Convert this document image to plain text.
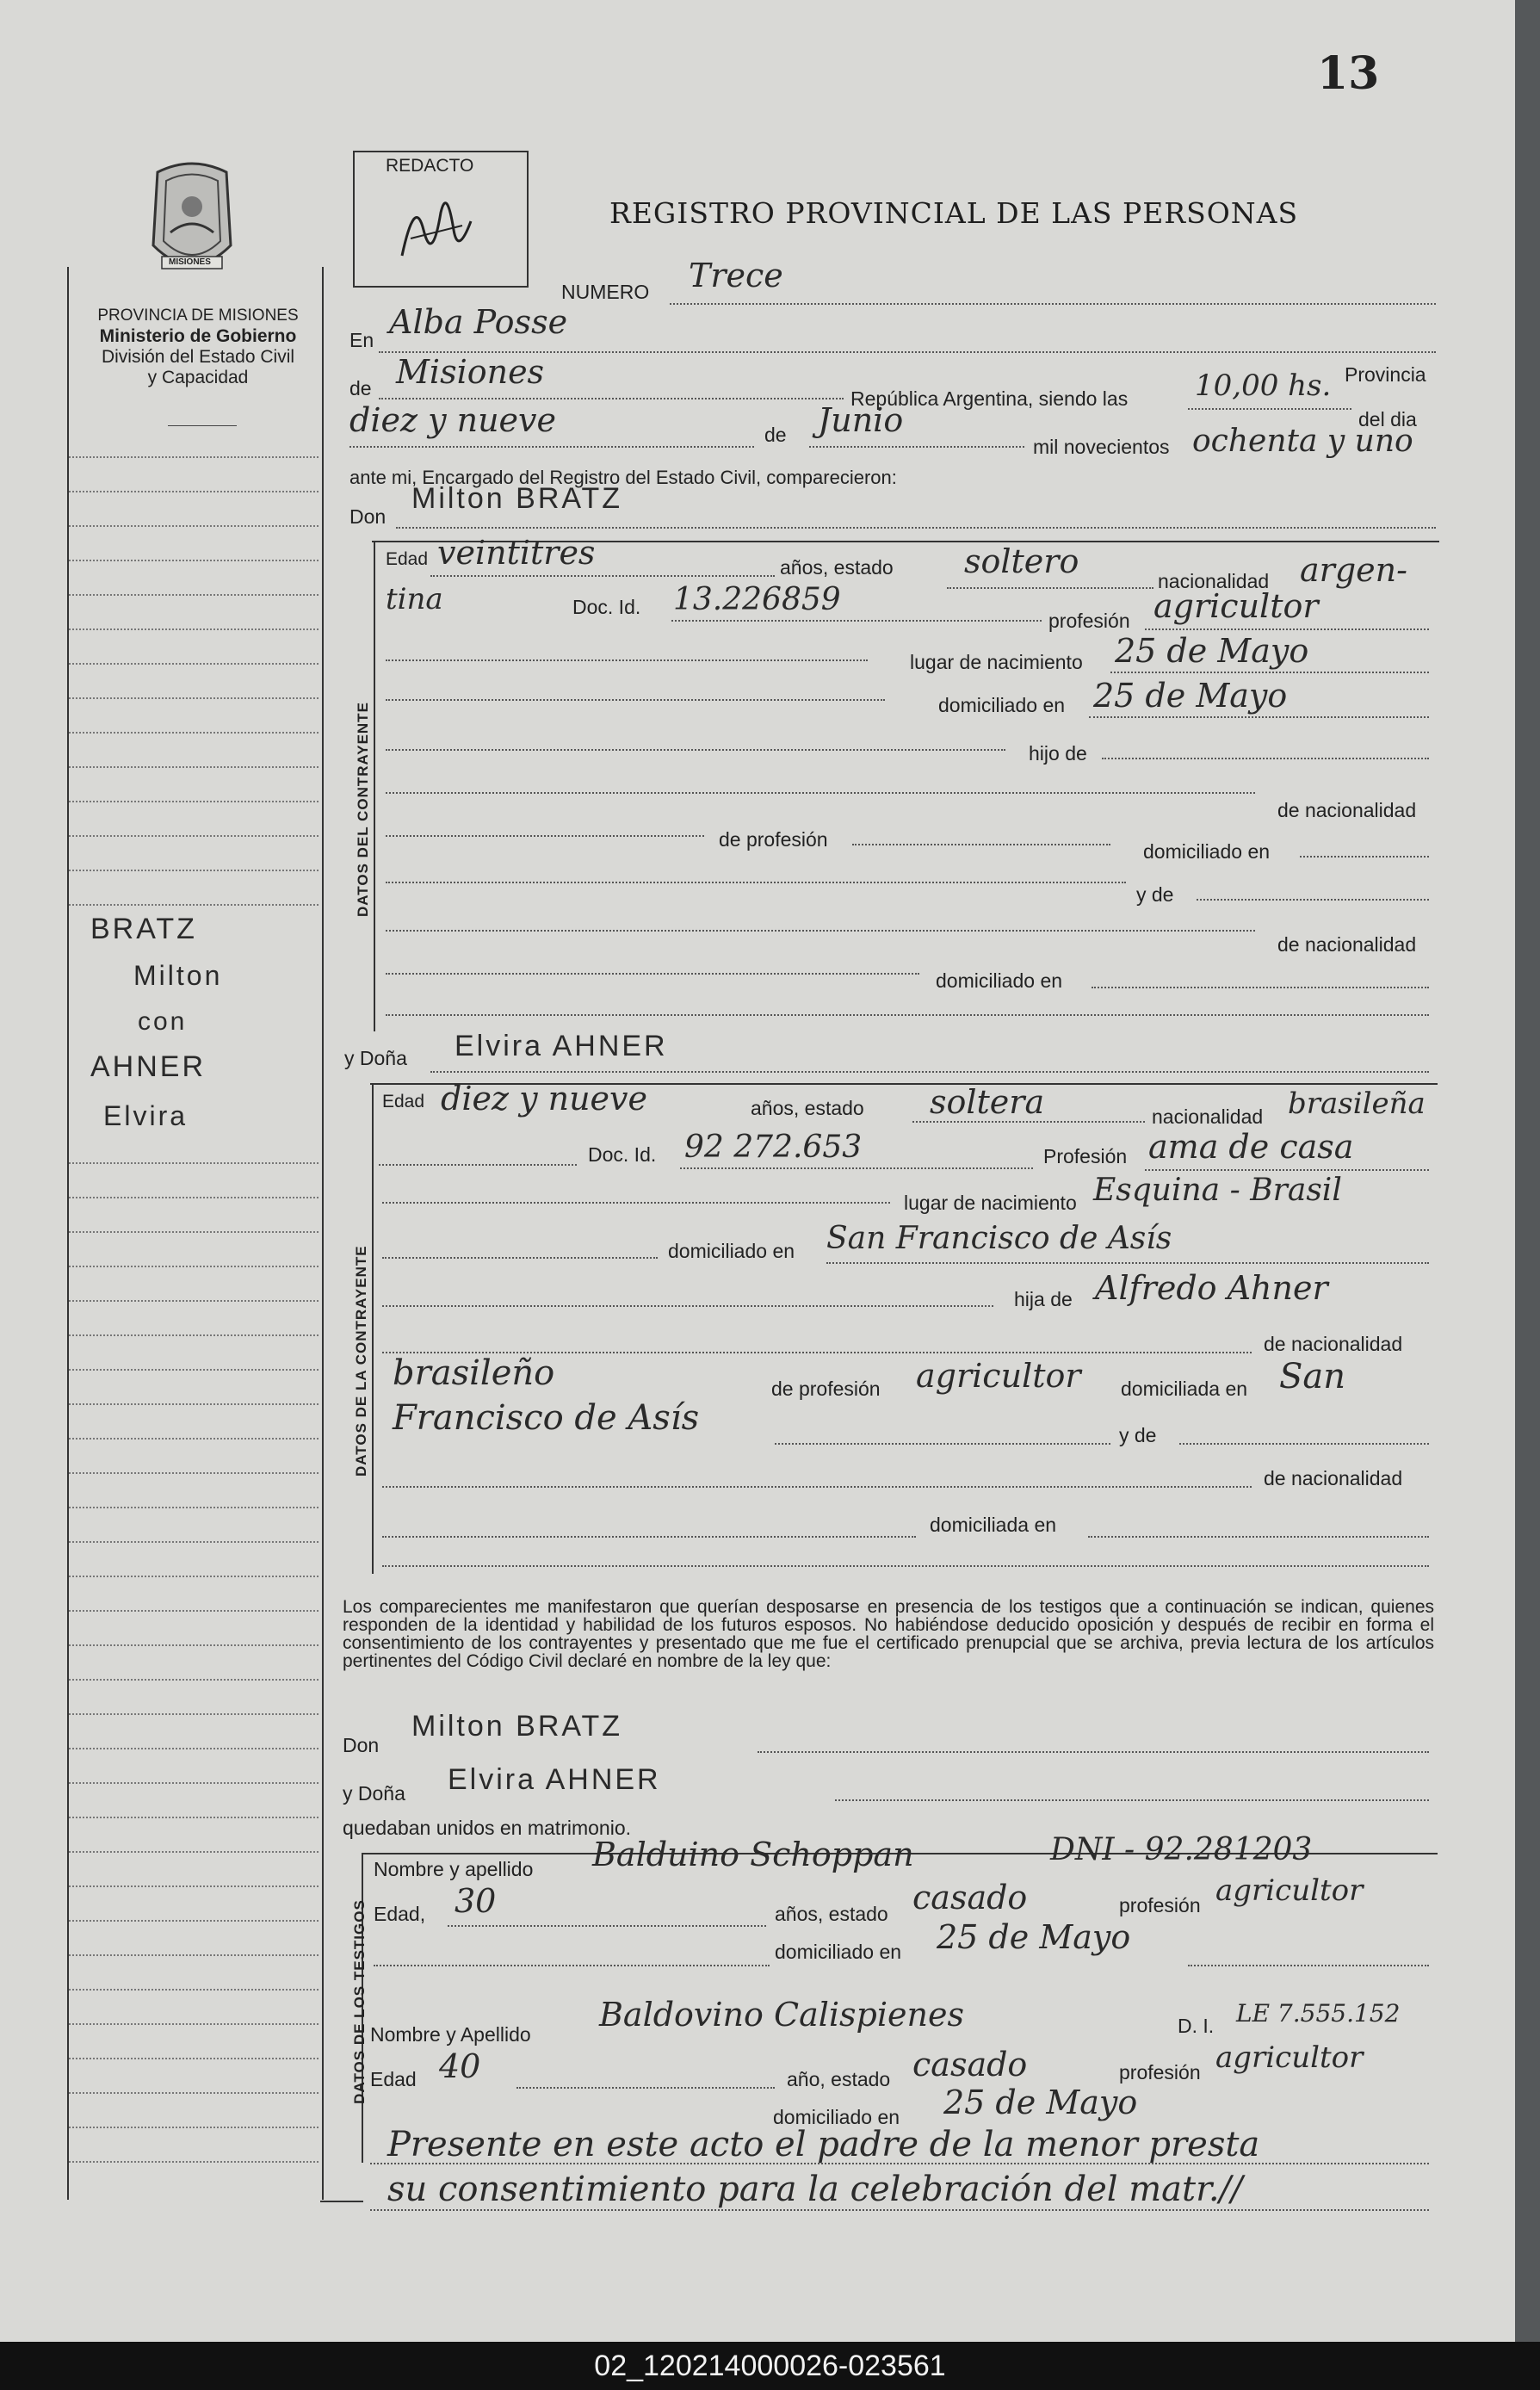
13
MISIONES
PROVINCIA DE MISIONES
Ministerio de Gobierno
División del Estado Civil
y Capacidad
BRATZ
Milton
con
AHNER
Elvira
REDACTO
REGISTRO PROVINCIAL DE LAS PERSONAS
NUMERO Trece
En Alba Posse
de Misiones
República Argentina, siendo las 10,00 hs. Provincia
del dia
diez y nueve	de Junio
mil novecientos ochenta y uno
ante mi, Encargado del Registro del Estado Civil, comparecieron:
Don
Milton BRATZ
DATOS DEL CONTRAYENTE
Edad veintitres	años, estado soltero
nacionalidad argen-
tina	Doc. Id. 13.226859
profesión agricultor
lugar de nacimiento 25 de Mayo
domiciliado en 25 de Mayo
hijo de
de nacionalidad
de profesión
domiciliado en
y de
de nacionalidad
domiciliado en
y Doña Elvira AHNER
DATOS DE LA CONTRAYENTE
Edad diez y nueve	años, estado soltera	nacionalidad brasileña
Doc. Id. 92 272.653	Profesión ama de casa
lugar de nacimiento Esquina - Brasil
domiciliado en San Francisco de Asís
hija de Alfredo Ahner
de nacionalidad
brasileño	de profesión agricultor domiciliada en San
Francisco de Asís	y de
de nacionalidad
domiciliada en
Los comparecientes me manifestaron que querían desposarse en presencia de los testigos que a continuación se indican, quienes responden de la identidad y habilidad de los futuros esposos. No habiéndose deducido oposición y después de recibir en forma el consentimiento de los contrayentes y presentado que me fue el certificado prenupcial que se archiva, previa lectura de los artículos pertinentes del Código Civil declaré en nombre de la ley que:
Don
Milton BRATZ
y Doña Elvira AHNER
quedaban unidos en matrimonio.
DATOS DE LOS TESTIGOS
Nombre y apellido Balduino Schoppan	DNI - 92.281203
Edad, 30	años, estado casado	profesión agricultor
domiciliado en 25 de Mayo
Nombre y Apellido
Baldovino Calispienes	D. I. LE 7.555.152
Edad 40	año, estado casado	profesión agricultor
domiciliado en 25 de Mayo
Presente en este acto el padre de la menor presta
su consentimiento para la celebración del matr.//
02_120214000026-023561
